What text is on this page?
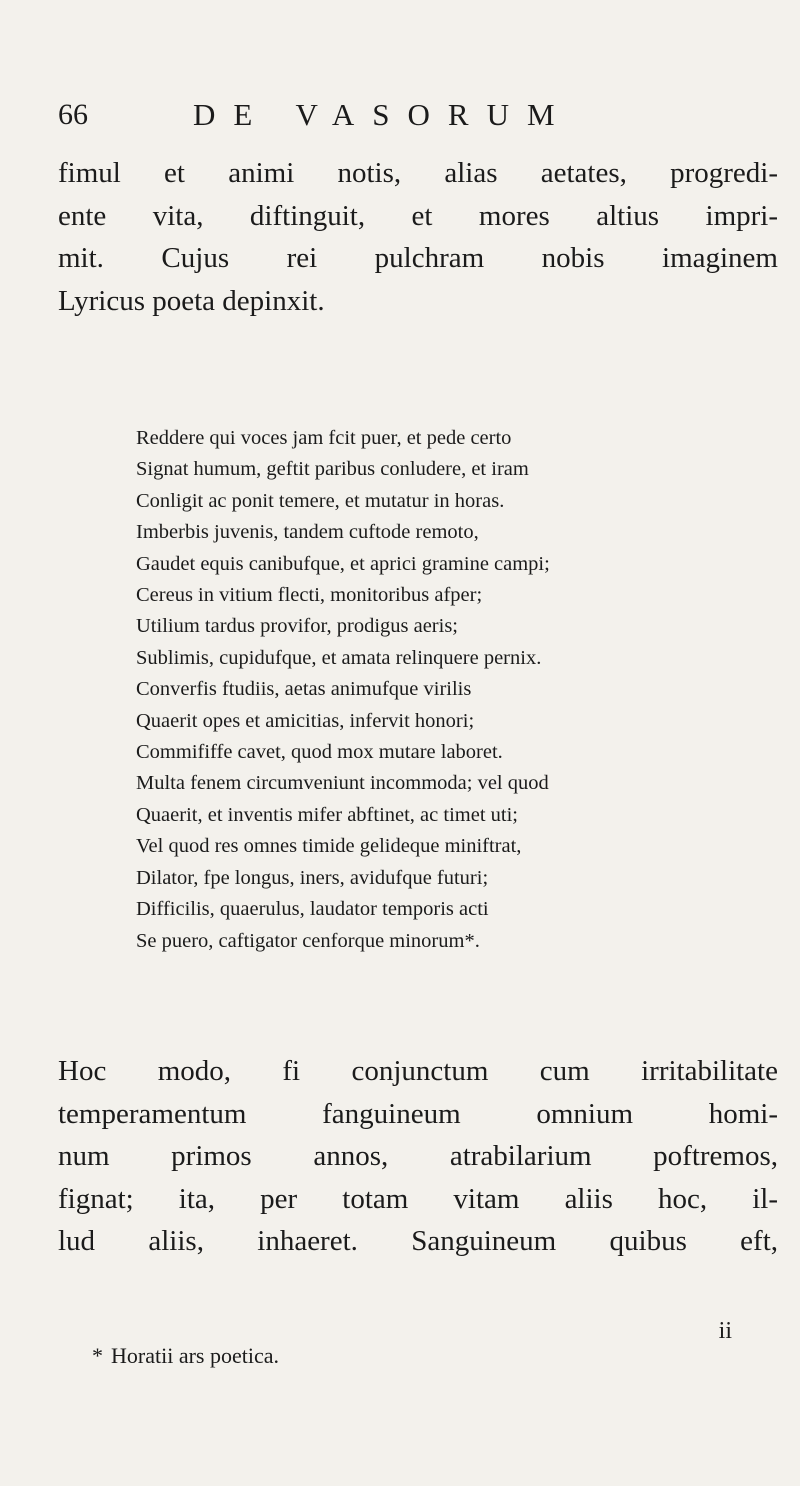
66	DE VASORUM

fimul et animi notis, alias aetates, progredi-
ente vita, diftinguit, et mores altius impri-
mit. Cujus rei pulchram nobis imaginem
Lyricus poeta depinxit.

Reddere qui voces jam fcit puer, et pede certo
Signat humum, geftit paribus conludere, et iram
Conligit ac ponit temere, et mutatur in horas.
Imberbis juvenis, tandem cuftode remoto,
Gaudet equis canibufque, et aprici gramine campi;
Cereus in vitium flecti, monitoribus afper;
Utilium tardus provifor, prodigus aeris;
Sublimis, cupidufque, et amata relinquere pernix.
Converfis ftudiis, aetas animufque virilis
Quaerit opes et amicitias, infervit honori;
Commififfe cavet, quod mox mutare laboret.
Multa fenem circumveniunt incommoda; vel quod
Quaerit, et inventis mifer abftinet, ac timet uti;
Vel quod res omnes timide gelideque miniftrat,
Dilator, fpe longus, iners, avidufque futuri;
Difficilis, quaerulus, laudator temporis acti
Se puero, caftigator cenforque minorum*.

Hoc modo, fi conjunctum cum irritabilitate
temperamentum fanguineum omnium homi-
num primos annos, atrabilarium poftremos,
fignat; ita, per totam vitam aliis hoc, il-
lud aliis, inhaeret. Sanguineum quibus eft,

ii
* Horatii ars poetica.
